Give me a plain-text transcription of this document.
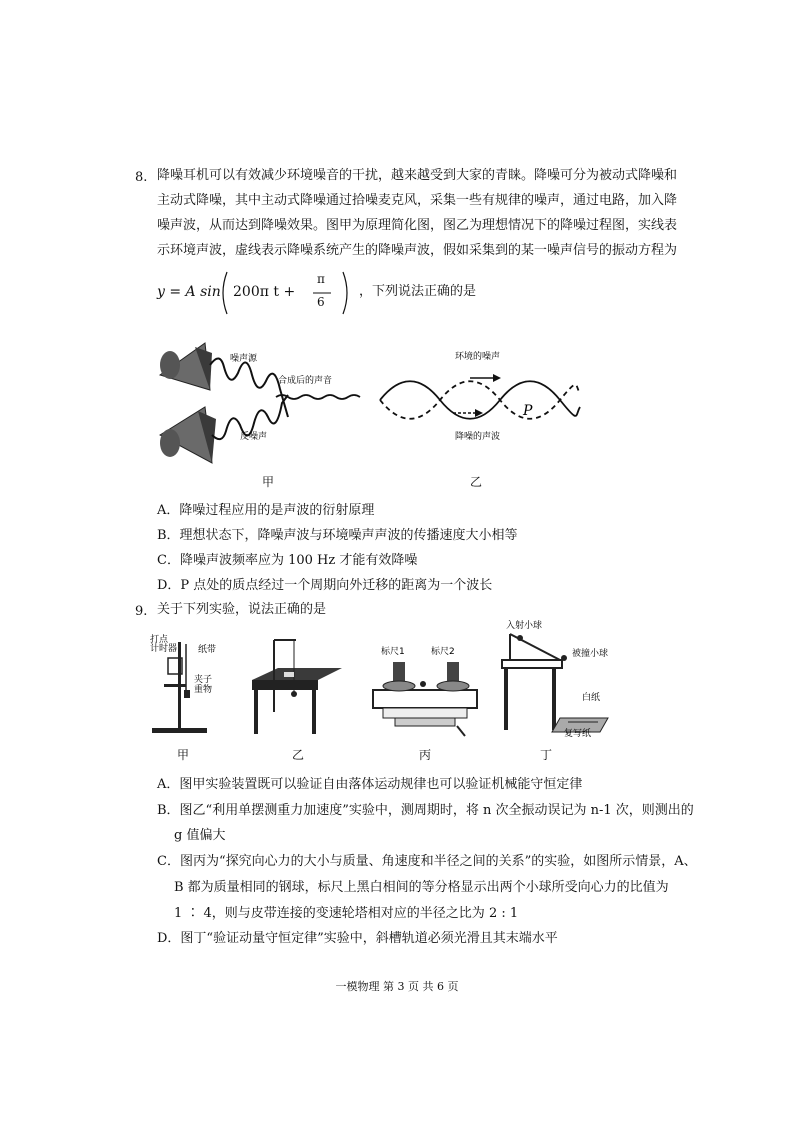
8. 降噪耳机可以有效减少环境噪音的干扰，越来越受到大家的青睐。降噪可分为被动式降噪和
主动式降噪，其中主动式降噪通过拾噪麦克风，采集一些有规律的噪声，通过电路，加入降
噪声波，从而达到降噪效果。图甲为原理简化图，图乙为理想情况下的降噪过程图，实线表
示环境声波，虚线表示降噪系统产生的降噪声波，假如采集到的某一噪声信号的振动方程为
y = A sin 200π t +
π
6
，下列说法正确的是
噪声源
反噪声
合成后的声音
甲
环境的噪声
降噪的声波
P
乙
A．降噪过程应用的是声波的衍射原理
B．理想状态下，降噪声波与环境噪声声波的传播速度大小相等
C．降噪声波频率应为 100 Hz 才能有效降噪
D．P 点处的质点经过一个周期向外迁移的距离为一个波长
9. 关于下列实验，说法正确的是
打点
计时器 纸带
夹子
重物
甲	乙
标尺1	标尺2
丙
入射小球
被撞小球
白纸
复写纸
丁
A．图甲实验装置既可以验证自由落体运动规律也可以验证机械能守恒定律
B．图乙“利用单摆测重力加速度”实验中，测周期时，将 n 次全振动误记为 n-1 次，则测出的
g 值偏大
C．图丙为“探究向心力的大小与质量、角速度和半径之间的关系”的实验，如图所示情景，A、
B 都为质量相同的钢球，标尺上黑白相间的等分格显示出两个小球所受向心力的比值为
1 ∶ 4，则与皮带连接的变速轮塔相对应的半径之比为 2 : 1
D．图丁“验证动量守恒定律”实验中，斜槽轨道必须光滑且其末端水平
一模物理 第 3 页 共 6 页
